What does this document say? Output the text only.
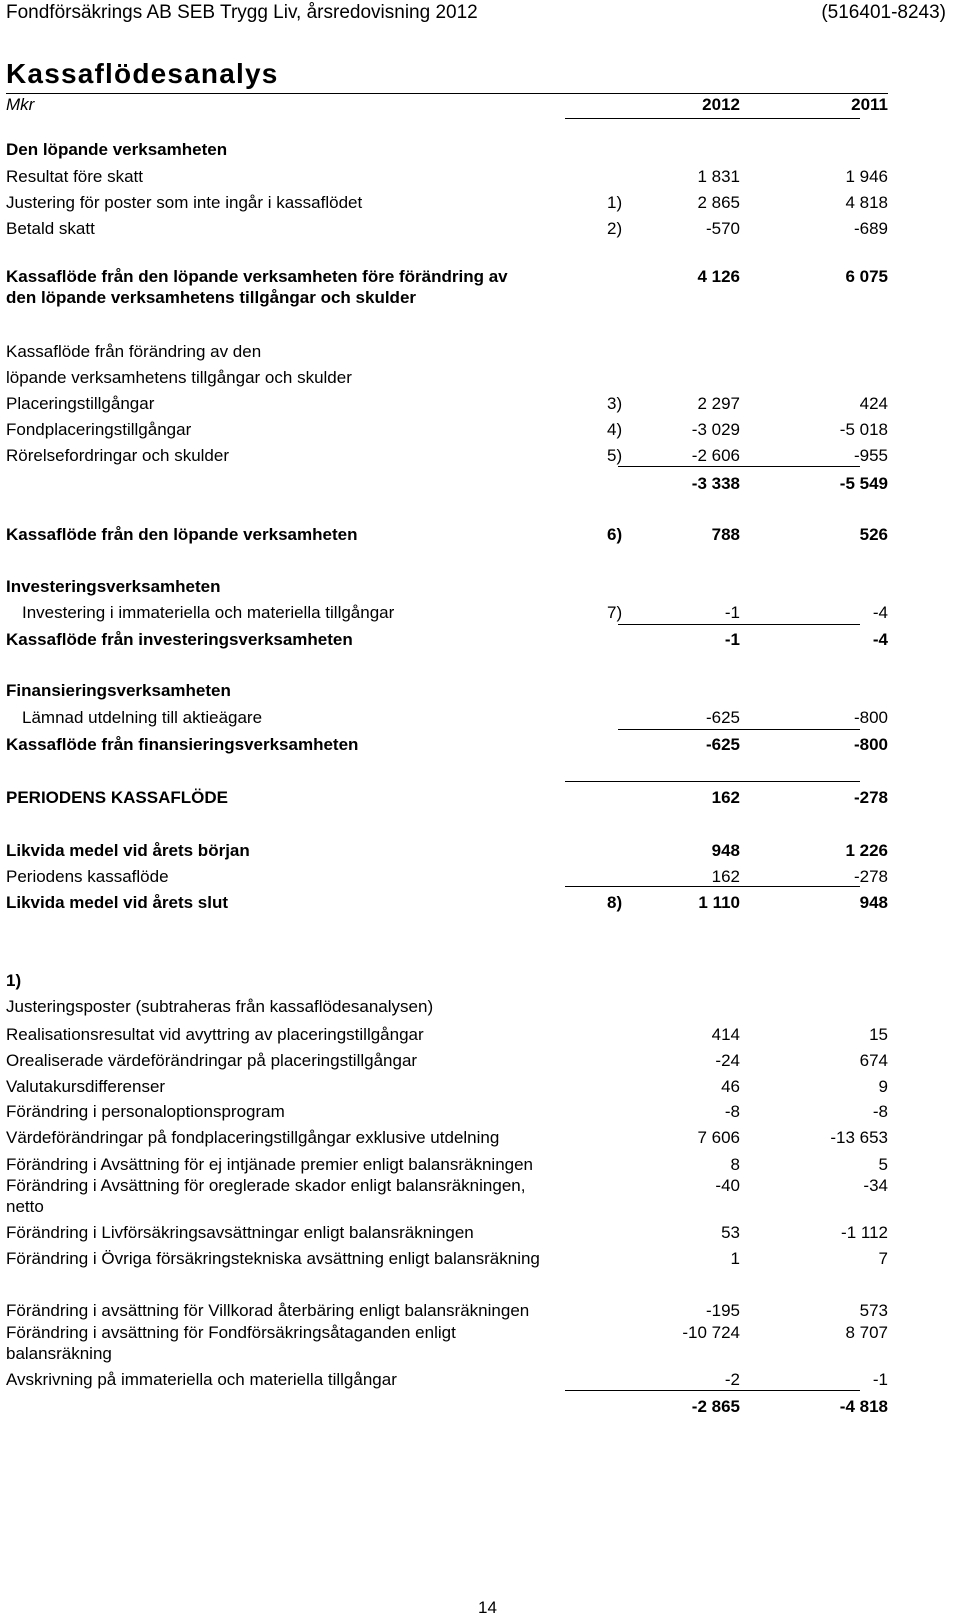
Fondförsäkrings AB SEB Trygg Liv, årsredovisning 2012	(516401-8243)
Kassaflödesanalys
Mkr	2012	2011
Den löpande verksamheten
Resultat före skatt	1 831	1 946
Justering för poster som inte ingår i kassaflödet	1)	2 865	4 818
Betald skatt	2)	-570	-689
Kassaflöde från den löpande verksamheten före förändring av	4 126	6 075
den löpande verksamhetens tillgångar och skulder
Kassaflöde från förändring av den
löpande verksamhetens tillgångar och skulder
Placeringstillgångar	3)	2 297	424
Fondplaceringstillgångar	4)	-3 029	-5 018
Rörelsefordringar och skulder	5)	-2 606	-955
-3 338	-5 549
Kassaflöde från den löpande verksamheten	6)	788	526
Investeringsverksamheten
Investering i immateriella och materiella tillgångar	7)	-1	-4
Kassaflöde från investeringsverksamheten	-1	-4
Finansieringsverksamheten
Lämnad utdelning till aktieägare	-625	-800
Kassaflöde från finansieringsverksamheten	-625	-800
PERIODENS KASSAFLÖDE	162	-278
Likvida medel vid årets början	948	1 226
Periodens kassaflöde	162	-278
Likvida medel vid årets slut	8)	1 110	948
1)
Justeringsposter (subtraheras från kassaflödesanalysen)
Realisationsresultat vid avyttring av placeringstillgångar	414	15
Orealiserade värdeförändringar på placeringstillgångar	-24	674
Valutakursdifferenser	46	9
Förändring i personaloptionsprogram	-8	-8
Värdeförändringar på fondplaceringstillgångar exklusive utdelning	7 606	-13 653
Förändring i Avsättning för ej intjänade premier enligt balansräkningen	8	5
Förändring i Avsättning för oreglerade skador enligt balansräkningen,	-40	-34
netto
Förändring i Livförsäkringsavsättningar enligt balansräkningen	53	-1 112
Förändring i Övriga försäkringstekniska avsättning enligt balansräkning	1	7
Förändring i avsättning för Villkorad återbäring enligt balansräkningen	-195	573
Förändring i avsättning för Fondförsäkringsåtaganden enligt	-10 724	8 707
balansräkning
Avskrivning på immateriella och materiella tillgångar	-2	-1
-2 865	-4 818
14
